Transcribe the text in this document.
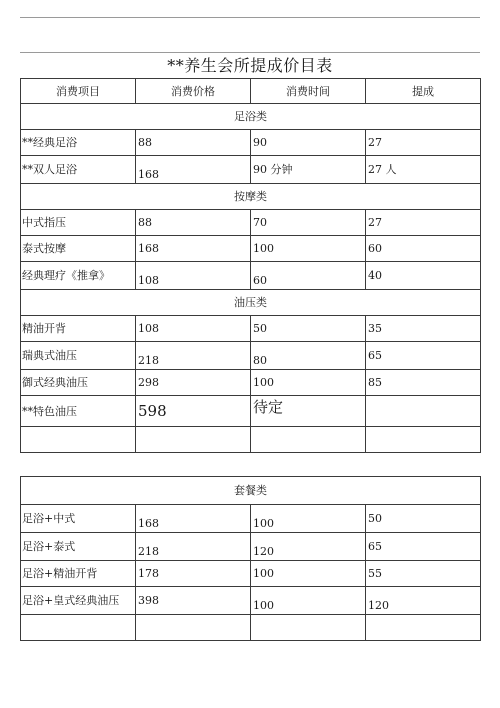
**养生会所提成价目表
消费项目	消费价格	消费时间	提成
足浴类			
**经典足浴	88	90	27
**双人足浴	168	90 分钟	27 人
按摩类			
中式指压	88	70	27
泰式按摩	168	100	60
经典理疗《推拿》	108	60	40
油压类			
精油开背	108	50	35
瑞典式油压	218	80	65
御式经典油压	298	100	85
**特色油压	598	待定	

套餐类			
足浴+中式	168	100	50
足浴+泰式	218	120	65
足浴+精油开背	178	100	55
足浴+皇式经典油压	398	100	120
